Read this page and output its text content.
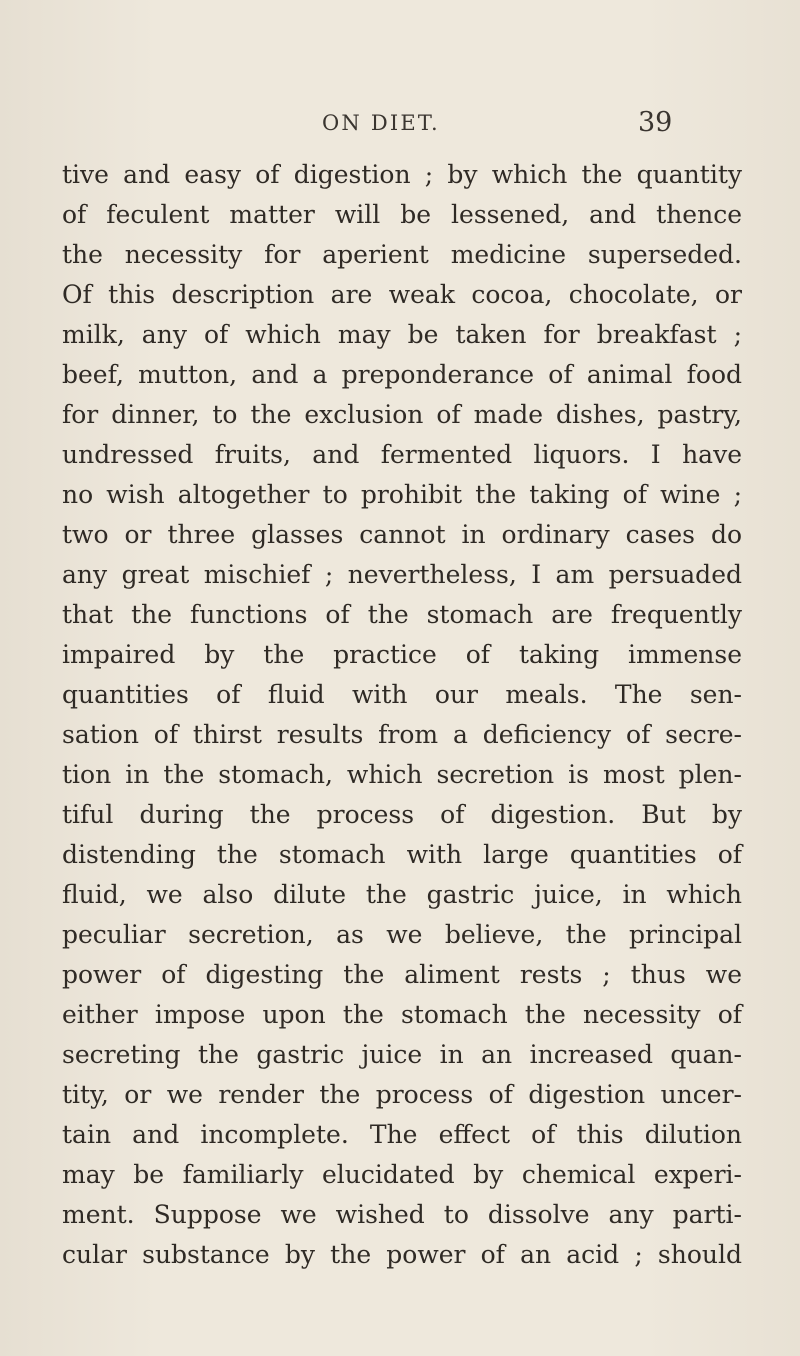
ON DIET.	39
tive and easy of digestion ; by which the quantity
of feculent matter will be lessened, and thence
the necessity for aperient medicine superseded.
Of this description are weak cocoa, chocolate, or
milk, any of which may be taken for breakfast ;
beef, mutton, and a preponderance of animal food
for dinner, to the exclusion of made dishes, pastry,
undressed fruits, and fermented liquors. I have
no wish altogether to prohibit the taking of wine ;
two or three glasses cannot in ordinary cases do
any great mischief ; nevertheless, I am persuaded
that the functions of the stomach are frequently
impaired by the practice of taking immense
quantities of fluid with our meals. The sen-
sation of thirst results from a deficiency of secre-
tion in the stomach, which secretion is most plen-
tiful during the process of digestion. But by
distending the stomach with large quantities of
fluid, we also dilute the gastric juice, in which
peculiar secretion, as we believe, the principal
power of digesting the aliment rests ; thus we
either impose upon the stomach the necessity of
secreting the gastric juice in an increased quan-
tity, or we render the process of digestion uncer-
tain and incomplete. The effect of this dilution
may be familiarly elucidated by chemical experi-
ment. Suppose we wished to dissolve any parti-
cular substance by the power of an acid ; should
